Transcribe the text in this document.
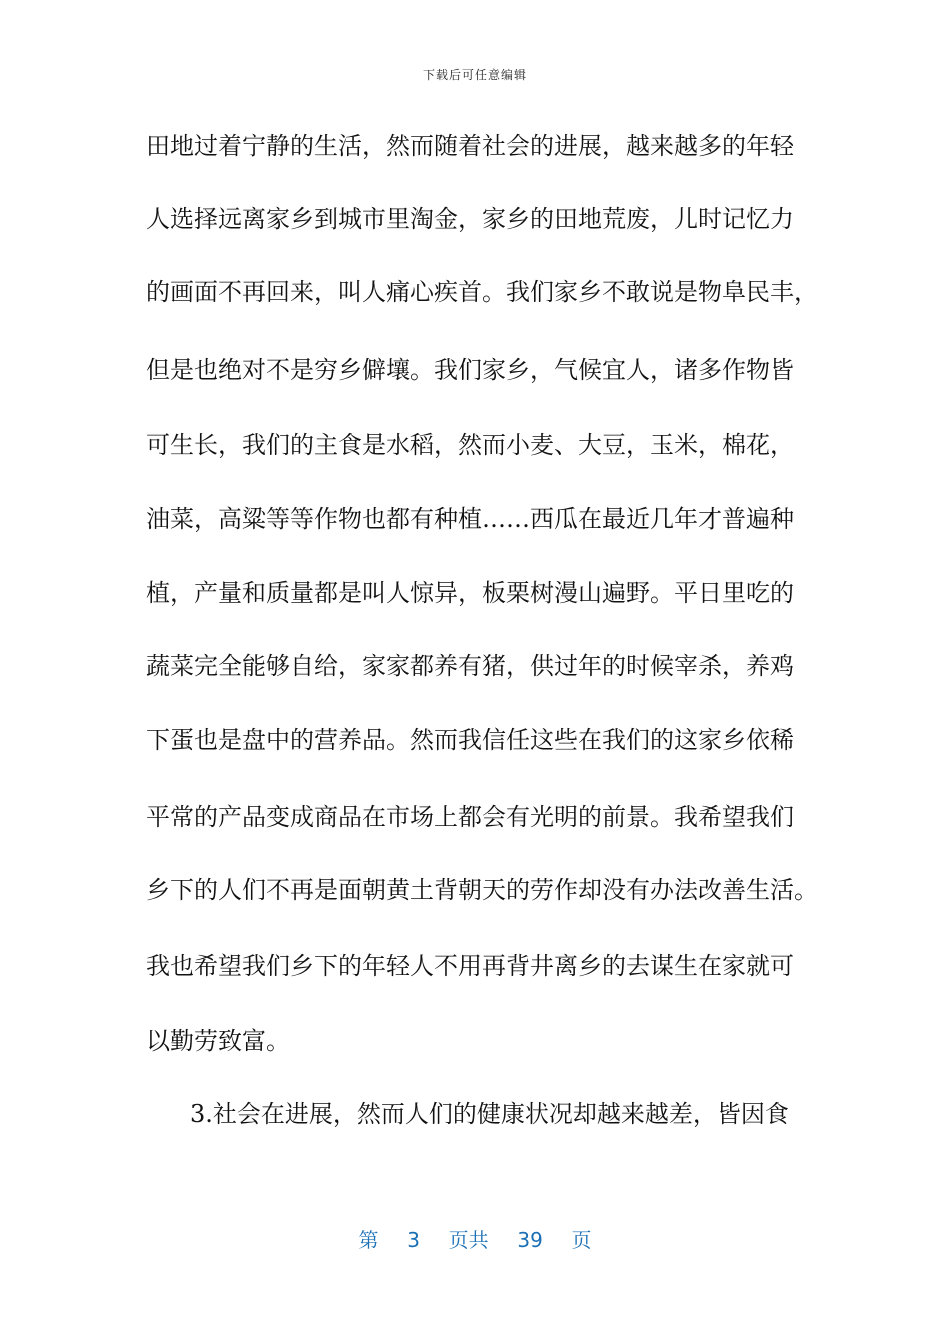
下载后可任意编辑
田地过着宁静的生活，然而随着社会的进展，越来越多的年轻
人选择远离家乡到城市里淘金，家乡的田地荒废，儿时记忆力
的画面不再回来，叫人痛心疾首。我们家乡不敢说是物阜民丰，
但是也绝对不是穷乡僻壤。我们家乡，气候宜人，诸多作物皆
可生长，我们的主食是水稻，然而小麦、大豆，玉米，棉花，
油菜，高粱等等作物也都有种植……西瓜在最近几年才普遍种
植，产量和质量都是叫人惊异，板栗树漫山遍野。平日里吃的
蔬菜完全能够自给，家家都养有猪，供过年的时候宰杀，养鸡
下蛋也是盘中的营养品。然而我信任这些在我们的这家乡依稀
平常的产品变成商品在市场上都会有光明的前景。我希望我们
乡下的人们不再是面朝黄土背朝天的劳作却没有办法改善生活。
我也希望我们乡下的年轻人不用再背井离乡的去谋生在家就可
以勤劳致富。
3.社会在进展，然而人们的健康状况却越来越差，皆因食
第 3 页共 39 页
